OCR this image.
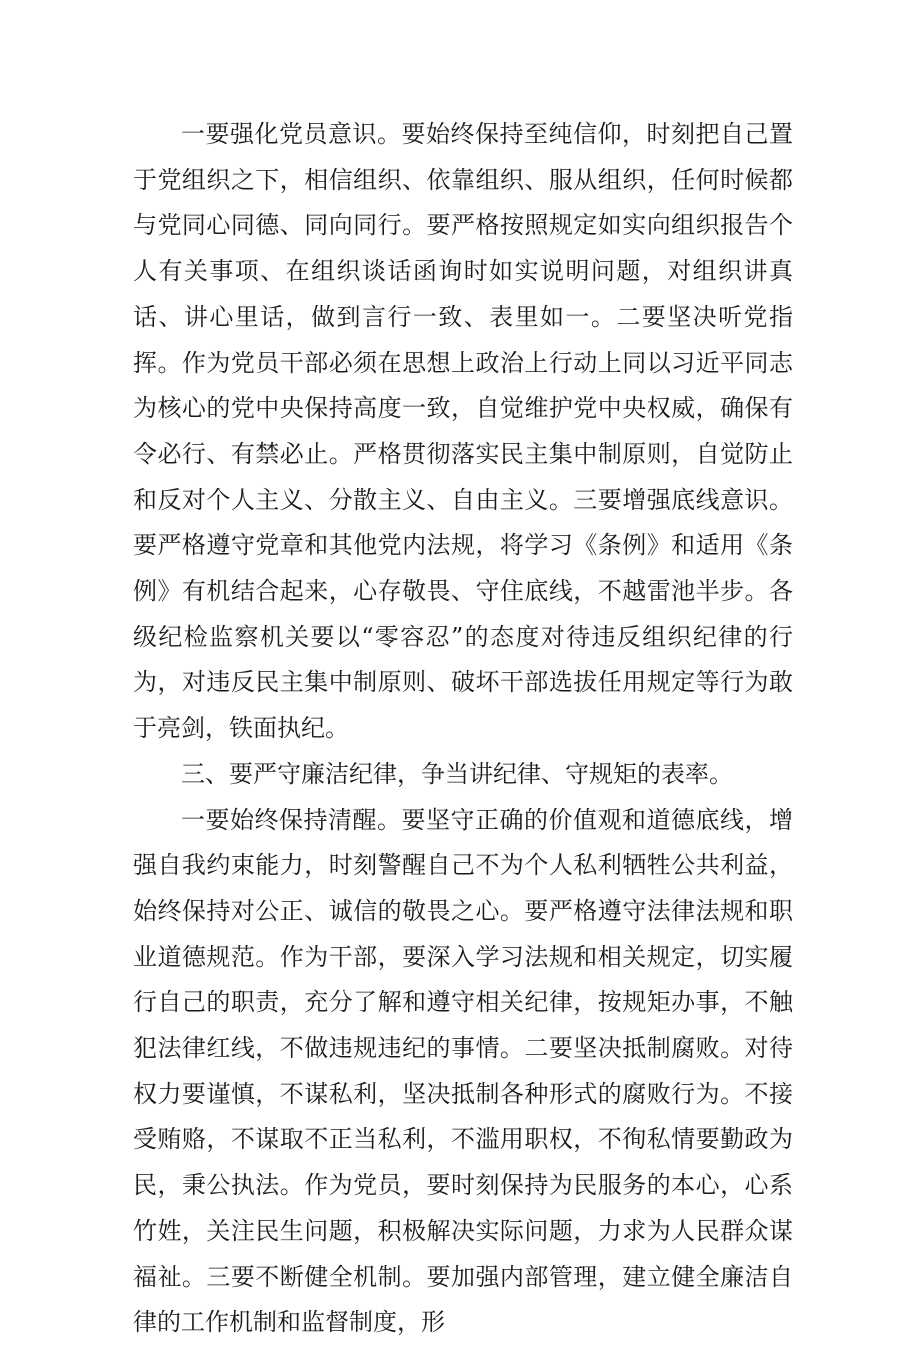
一要强化党员意识。要始终保持至纯信仰，时刻把自己置于党组织之下，相信组织、依靠组织、服从组织，任何时候都与党同心同德、同向同行。要严格按照规定如实向组织报告个人有关事项、在组织谈话函询时如实说明问题，对组织讲真话、讲心里话，做到言行一致、表里如一。二要坚决听党指挥。作为党员干部必须在思想上政治上行动上同以习近平同志为核心的党中央保持高度一致，自觉维护党中央权威，确保有令必行、有禁必止。严格贯彻落实民主集中制原则，自觉防止和反对个人主义、分散主义、自由主义。三要增强底线意识。要严格遵守党章和其他党内法规，将学习《条例》和适用《条例》有机结合起来，心存敬畏、守住底线，不越雷池半步。各级纪检监察机关要以“零容忍”的态度对待违反组织纪律的行为，对违反民主集中制原则、破坏干部选拔任用规定等行为敢于亮剑，铁面执纪。

三、要严守廉洁纪律，争当讲纪律、守规矩的表率。

一要始终保持清醒。要坚守正确的价值观和道德底线，增强自我约束能力，时刻警醒自己不为个人私利牺牲公共利益，始终保持对公正、诚信的敬畏之心。要严格遵守法律法规和职业道德规范。作为干部，要深入学习法规和相关规定，切实履行自己的职责，充分了解和遵守相关纪律，按规矩办事，不触犯法律红线，不做违规违纪的事情。二要坚决抵制腐败。对待权力要谨慎，不谋私利，坚决抵制各种形式的腐败行为。不接受贿赂，不谋取不正当私利，不滥用职权，不徇私情要勤政为民，秉公执法。作为党员，要时刻保持为民服务的本心，心系竹姓，关注民生问题，积极解决实际问题，力求为人民群众谋福祉。三要不断健全机制。要加强内部管理，建立健全廉洁自律的工作机制和监督制度，形
